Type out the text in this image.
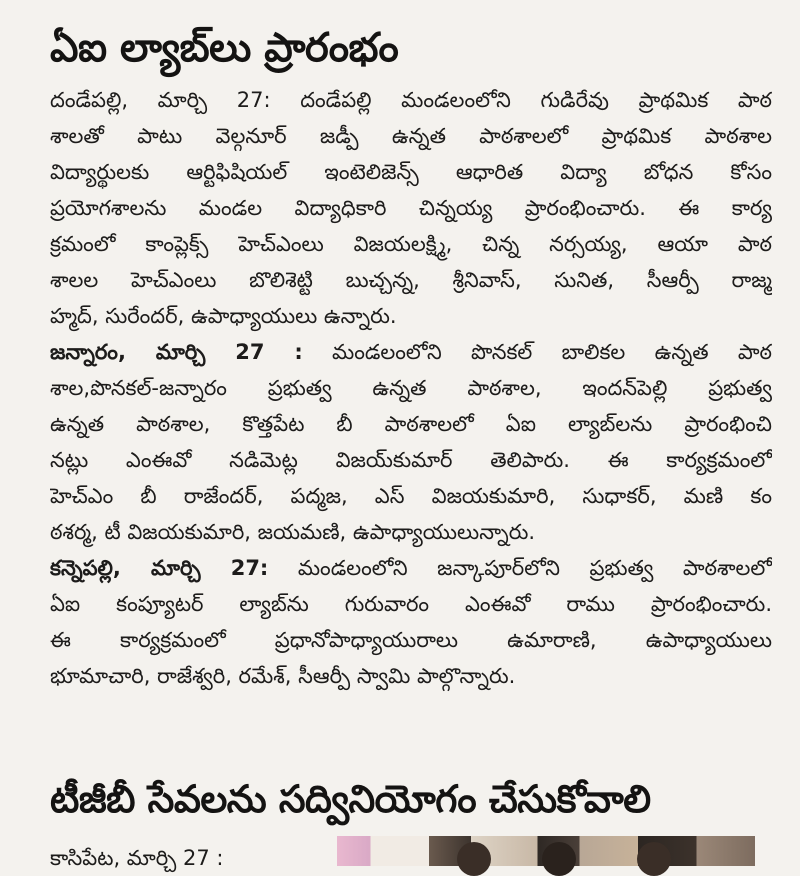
ఏఐ ల్యాబ్‌లు ప్రారంభం
దండేపల్లి, మార్చి 27: దండేపల్లి మండలంలోని గుడిరేవు ప్రాథమిక పాఠ
శాలతో పాటు వెల్గనూర్ జడ్పీ ఉన్నత పాఠశాలలో ప్రాథమిక పాఠశాల
విద్యార్థులకు ఆర్టిఫిషియల్ ఇంటెలిజెన్స్ ఆధారిత విద్యా బోధన కోసం
ప్రయోగశాలను మండల విద్యాధికారి చిన్నయ్య ప్రారంభించారు. ఈ కార్య
క్రమంలో కాంప్లెక్స్ హెచ్ఎంలు విజయలక్ష్మి, చిన్న నర్సయ్య, ఆయా పాఠ
శాలల హెచ్ఎంలు బొలిశెట్టి బుచ్చన్న, శ్రీనివాస్, సునిత, సీఆర్పీ రాజ్మ
హ్మద్, సురేందర్, ఉపాధ్యాయులు ఉన్నారు.
జన్నారం, మార్చి 27 : మండలంలోని పొనకల్ బాలికల ఉన్నత పాఠ
శాల,పొనకల్-జన్నారం ప్రభుత్వ ఉన్నత పాఠశాల, ఇందన్‌పెల్లి ప్రభుత్వ
ఉన్నత పాఠశాల, కొత్తపేట బీ పాఠశాలలో ఏఐ ల్యాబ్‌లను ప్రారంభించి
నట్లు ఎంఈవో నడిమెట్ల విజయ్‌కుమార్ తెలిపారు. ఈ కార్యక్రమంలో
హెచ్ఎం బీ రాజేందర్, పద్మజ, ఎస్ విజయకుమారి, సుధాకర్, మణి కం
ఠశర్మ, టీ విజయకుమారి, జయమణి, ఉపాధ్యాయులున్నారు.
కన్నెపల్లి, మార్చి 27: మండలంలోని జన్కాపూర్‌లోని ప్రభుత్వ పాఠశాలలో
ఏఐ కంప్యూటర్ ల్యాబ్‌ను గురువారం ఎంఈవో రాము ప్రారంభించారు.
ఈ కార్యక్రమంలో ప్రధానోపాధ్యాయురాలు ఉమారాణి, ఉపాధ్యాయులు
భూమాచారి, రాజేశ్వరి, రమేశ్, సీఆర్పీ స్వామి పాల్గొన్నారు.
టీజీబీ సేవలను సద్వినియోగం చేసుకోవాలి
కాసిపేట, మార్చి 27 :
